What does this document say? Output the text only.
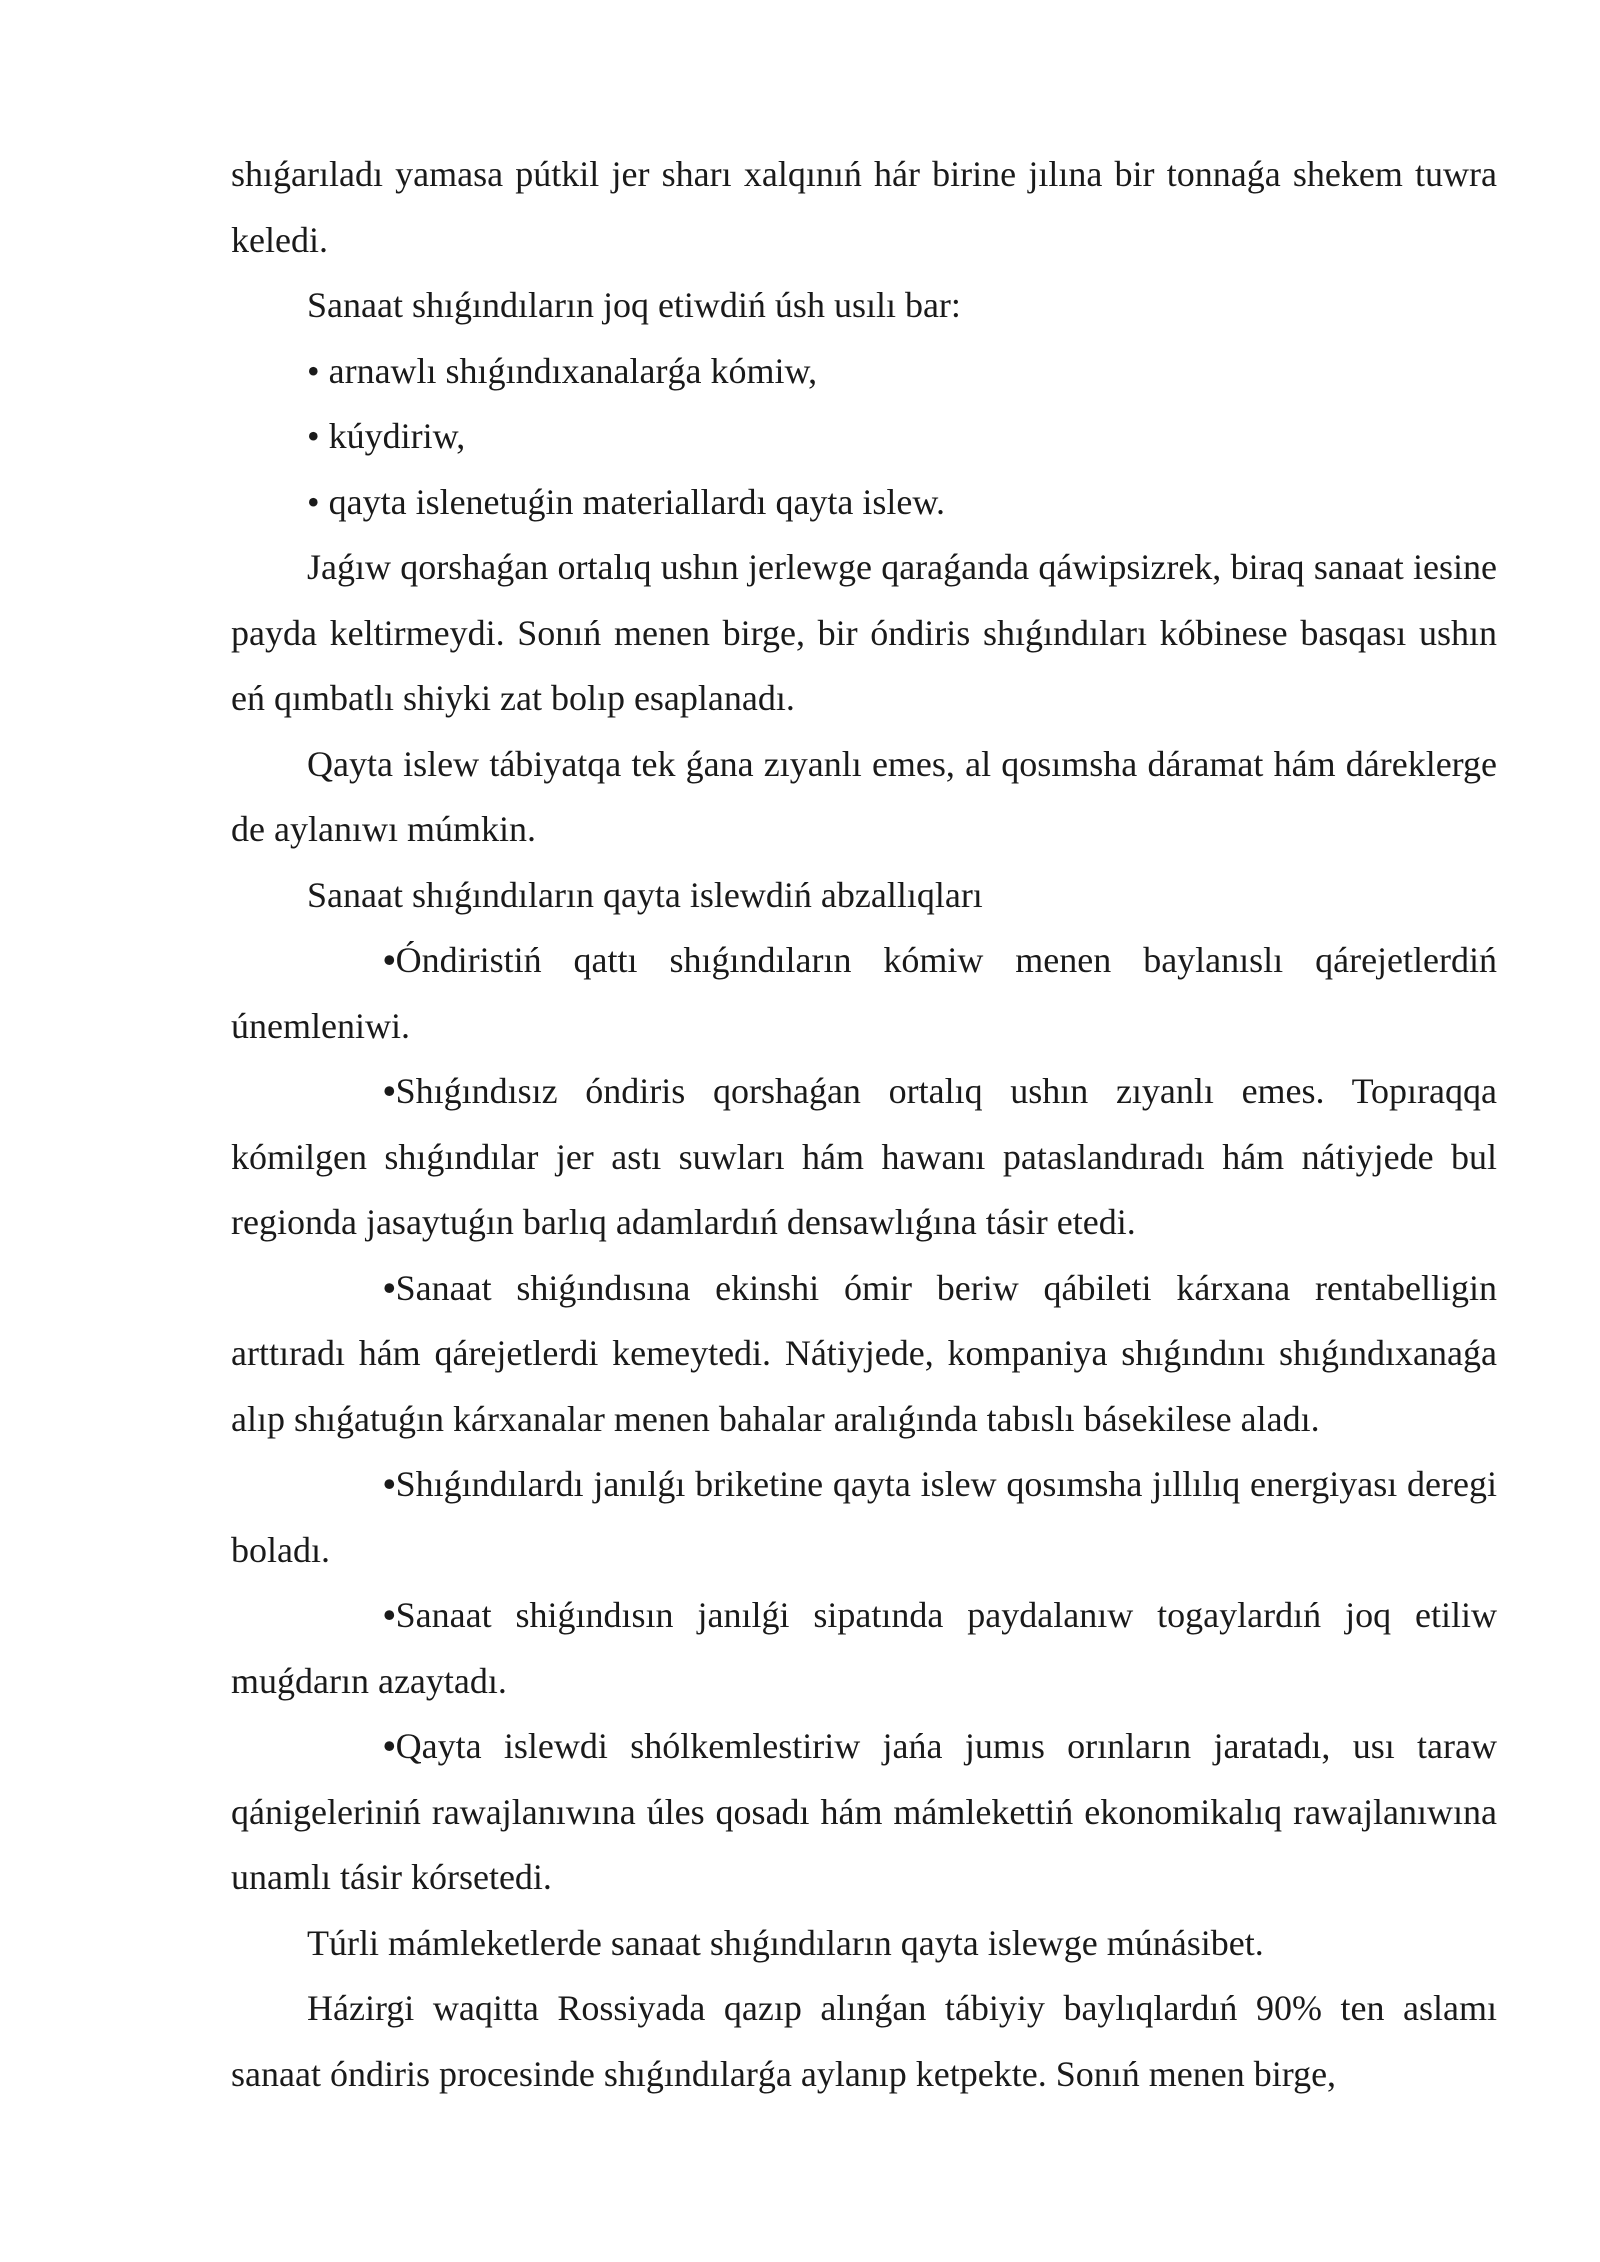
shıǵarıladı yamasa pútkil jer sharı xalqınıń hár birine jılına bir tonnaǵa shekem tuwra keledi.

Sanaat shıǵındıların joq etiwdiń úsh usılı bar:

• arnawlı shıǵındıxanalarǵa kómiw,

• kúydiriw,

• qayta islenetuǵin materiallardı qayta islew.

Jaǵıw qorshaǵan ortalıq ushın jerlewge qaraǵanda qáwipsizrek, biraq sanaat iesine payda keltirmeydi. Sonıń menen birge, bir óndiris shıǵındıları kóbinese basqası ushın eń qımbatlı shiyki zat bolıp esaplanadı.

Qayta islew tábiyatqa tek ǵana zıyanlı emes, al qosımsha dáramat hám dáreklerge de aylanıwı múmkin.

Sanaat shıǵındıların qayta islewdiń abzallıqları

•Óndiristiń qattı shıǵındıların kómiw menen baylanıslı qárejetlerdiń únemleniwi.

•Shıǵındısız óndiris qorshaǵan ortalıq ushın zıyanlı emes. Topıraqqa kómilgen shıǵındılar jer astı suwları hám hawanı pataslandıradı hám nátiyjede bul regionda jasaytuǵın barlıq adamlardıń densawlıǵına tásir etedi.

•Sanaat shiǵındısına ekinshi ómir beriw qábileti kárxana rentabelligin arttıradı hám qárejetlerdi kemeytedi. Nátiyjede, kompaniya shıǵındını shıǵındıxanaǵa alıp shıǵatuǵın kárxanalar menen bahalar aralıǵında tabıslı básekilese aladı.

•Shıǵındılardı janılǵı briketine qayta islew qosımsha jıllılıq energiyası deregi boladı.

•Sanaat shiǵındısın janılǵi sipatında paydalanıw togaylardıń joq etiliw muǵdarın azaytadı.

•Qayta islewdi shólkemlestiriw jańa jumıs orınların jaratadı, usı taraw qánigeleriniń rawajlanıwına úles qosadı hám mámlekettiń ekonomikalıq rawajlanıwına unamlı tásir kórsetedi.

Túrli mámleketlerde sanaat shıǵındıların qayta islewge múnásibet.

Házirgi waqitta Rossiyada qazıp alınǵan tábiyiy baylıqlardıń 90% ten aslamı sanaat óndiris procesinde shıǵındılarǵa aylanıp ketpekte. Sonıń menen birge,
